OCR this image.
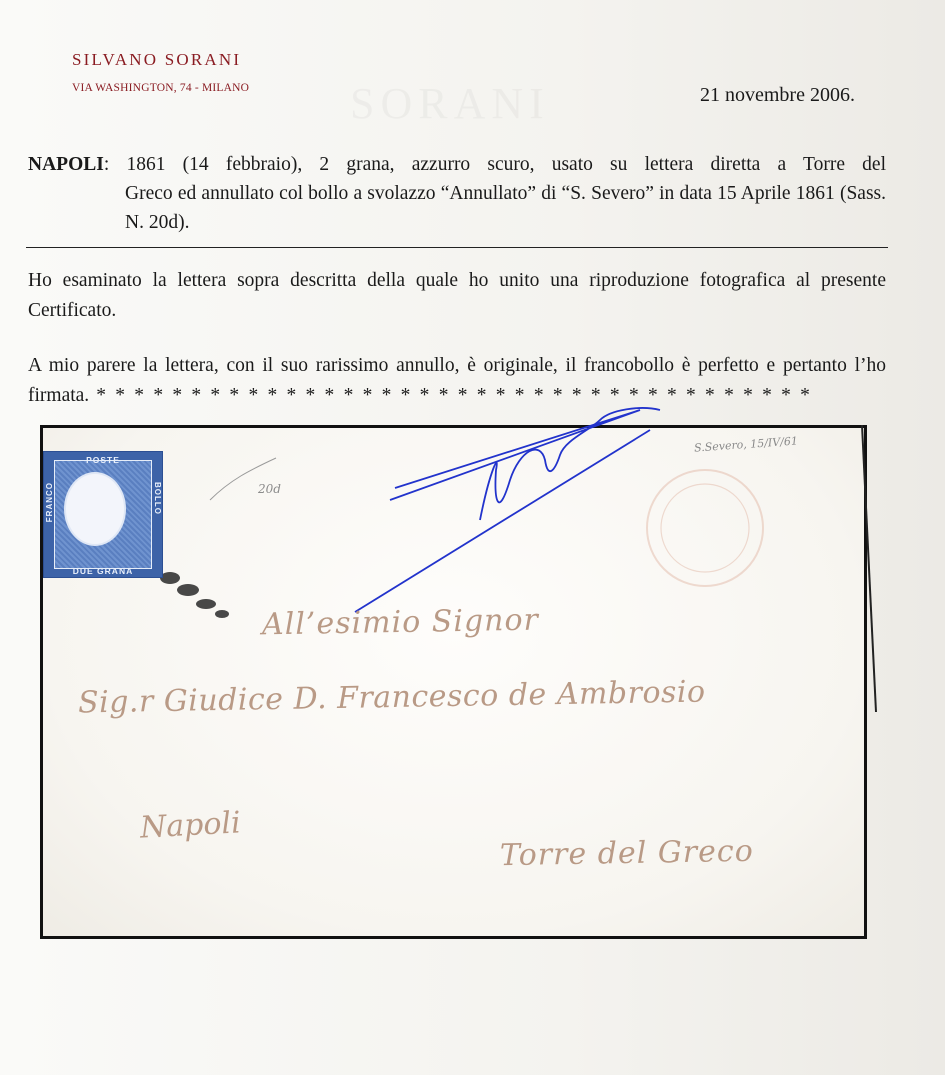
SILVANO SORANI
VIA WASHINGTON, 74 - MILANO	21 novembre 2006.
NAPOLI: 1861 (14 febbraio), 2 grana, azzurro scuro, usato su lettera diretta a Torre del
Greco ed annullato col bollo a svolazzo “Annullato” di “S. Severo” in data 15 Aprile 1861 (Sass. N. 20d).
Ho esaminato la lettera sopra descritta della quale ho unito una riproduzione fotografica al presente Certificato.
A mio parere la lettera, con il suo rarissimo annullo, è originale, il francobollo è perfetto e pertanto l’ho firmata. * * * * * * * * * * * * * * * * * * * * * * * * * * * * * * * * * * * * * *
POSTE
DUE GRANA
FRANCO	BOLLO
S.Severo, 15/IV/61
20d
All’esimio Signor
Sig.r Giudice D. Francesco de Ambrosio
Napoli
Torre del Greco
